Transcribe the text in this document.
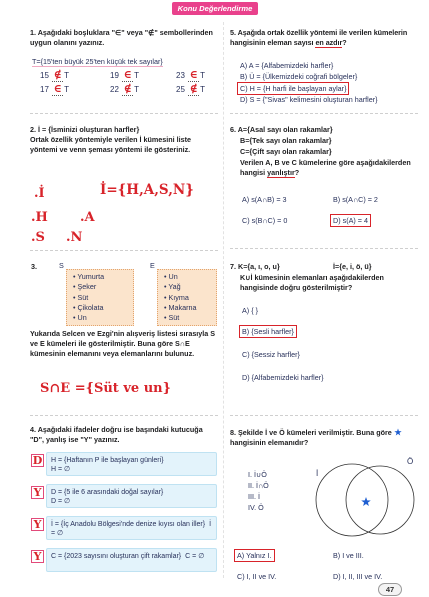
Konu Değerlendirme
1. Aşağıdaki boşluklara "∈" veya "∉" sembollerinden uygun olanını yazınız.
T={15'ten büyük 25'ten küçük tek sayılar}
15 ∉ T	19 ∈ T	23 ∈ T
17 ∈ T	22 ∉ T	25 ∉ T
2. İ = {İsminizi oluşturan harfler}
Ortak özellik yöntemiyle verilen İ kümesini liste yöntemi ve venn şeması yöntemi ile gösteriniz.
.İ	İ={H,A,S,N}
.H .A
.S .N
3.	S	E
• Yumurta
• Şeker
• Süt
• Çikolata
• Un
• Un
• Yağ
• Kıyma
• Makarna
• Süt
Yukarıda Selcen ve Ezgi'nin alışveriş listesi sırasıyla S ve E kümeleri ile gösterilmiştir. Buna göre S∩E kümesinin elemanını veya elemanlarını bulunuz.
S∩E ={Süt ve un}
4. Aşağıdaki ifadeler doğru ise başındaki kutucuğa "D", yanlış ise "Y" yazınız.
D H = {Haftanın P ile başlayan günleri}
H = ∅
Y	D = {5 ile 6 arasındaki doğal sayılar}
D = ∅
Y	İ = {İç Anadolu Bölgesi'nde denize kıyısı olan iller} İ = ∅
Y	C = {2023 sayısını oluşturan çift rakamlar} C = ∅
5. Aşağıda ortak özellik yöntemi ile verilen kümelerin hangisinin eleman sayısı en azdır?
A) A = {Alfabemizdeki harfler}
B) Ü = {Ülkemizdeki coğrafi bölgeler}
C) H = {H harfi ile başlayan aylar}
D) S = {"Sivas" kelimesini oluşturan harfler}
6. A={Asal sayı olan rakamlar}
B={Tek sayı olan rakamlar}
C={Çift sayı olan rakamlar}
Verilen A, B ve C kümelerine göre aşağıdakilerden hangisi yanlıştır?
A) s(A∩B) = 3	B) s(A∩C) = 2
C) s(B∩C) = 0	D) s(A) = 4
7. K={a, ı, o, u}	İ={e, i, ö, ü}
K∪İ kümesinin elemanları aşağıdakilerden hangisinde doğru gösterilmiştir?
A) { }
B) {Sesli harfler}
C) {Sessiz harfler}
D) {Alfabemizdeki harfler}
8. Şekilde İ ve Ö kümeleri verilmiştir. Buna göre  hangisinin elemanıdır?
I. İ∪Ö
II. İ∩Ö
III. İ
IV. Ö
İ
Ö
A) Yalnız I.	B) I ve III.
C) I, II ve IV.	D) I, II, III ve IV.
47
